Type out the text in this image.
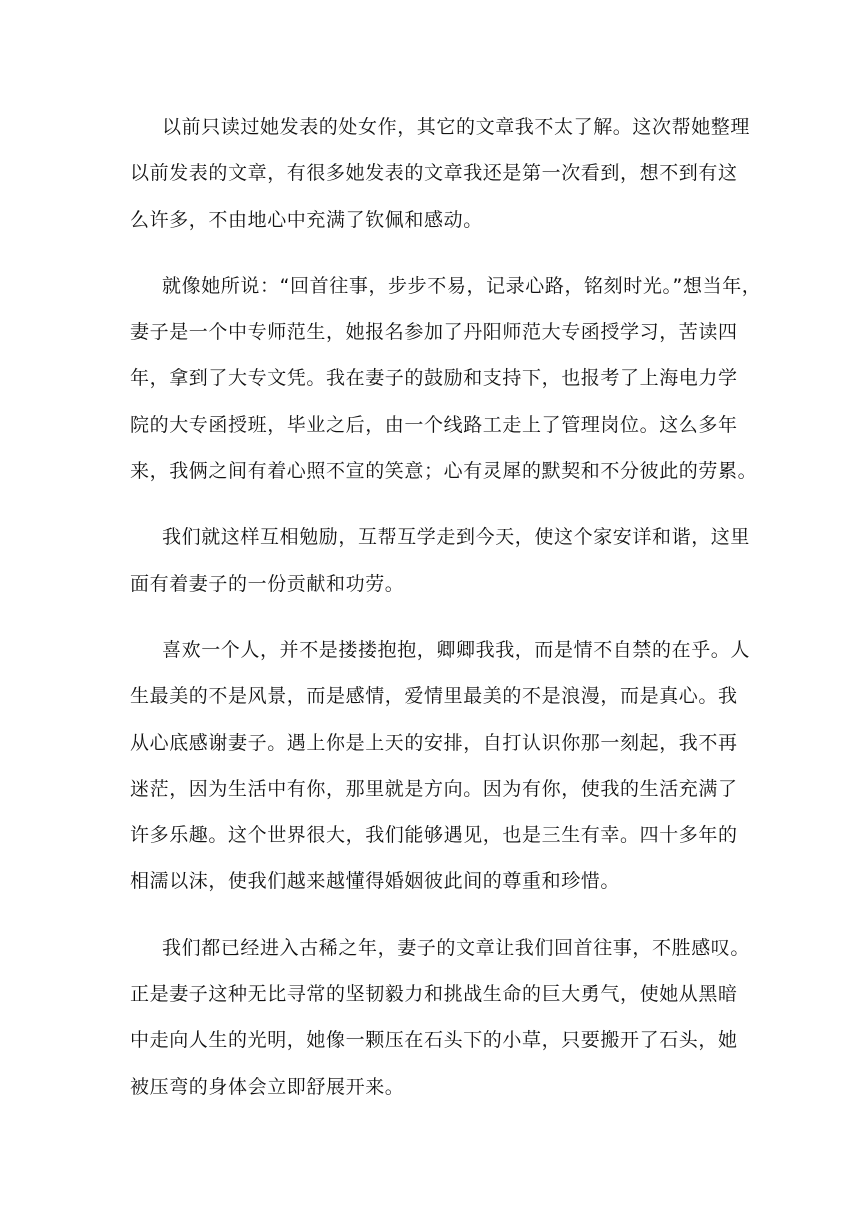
以前只读过她发表的处女作，其它的文章我不太了解。这次帮她整理
以前发表的文章，有很多她发表的文章我还是第一次看到，想不到有这
么许多，不由地心中充满了钦佩和感动。

就像她所说：“回首往事，步步不易，记录心路，铭刻时光。”想当年，
妻子是一个中专师范生，她报名参加了丹阳师范大专函授学习，苦读四
年，拿到了大专文凭。我在妻子的鼓励和支持下，也报考了上海电力学
院的大专函授班，毕业之后，由一个线路工走上了管理岗位。这么多年
来，我俩之间有着心照不宣的笑意；心有灵犀的默契和不分彼此的劳累。

我们就这样互相勉励，互帮互学走到今天，使这个家安详和谐，这里
面有着妻子的一份贡献和功劳。

喜欢一个人，并不是搂搂抱抱，卿卿我我，而是情不自禁的在乎。人
生最美的不是风景，而是感情，爱情里最美的不是浪漫，而是真心。我
从心底感谢妻子。遇上你是上天的安排，自打认识你那一刻起，我不再
迷茫，因为生活中有你，那里就是方向。因为有你，使我的生活充满了
许多乐趣。这个世界很大，我们能够遇见，也是三生有幸。四十多年的
相濡以沫，使我们越来越懂得婚姻彼此间的尊重和珍惜。

我们都已经进入古稀之年，妻子的文章让我们回首往事，不胜感叹。
正是妻子这种无比寻常的坚韧毅力和挑战生命的巨大勇气，使她从黑暗
中走向人生的光明，她像一颗压在石头下的小草，只要搬开了石头，她
被压弯的身体会立即舒展开来。
